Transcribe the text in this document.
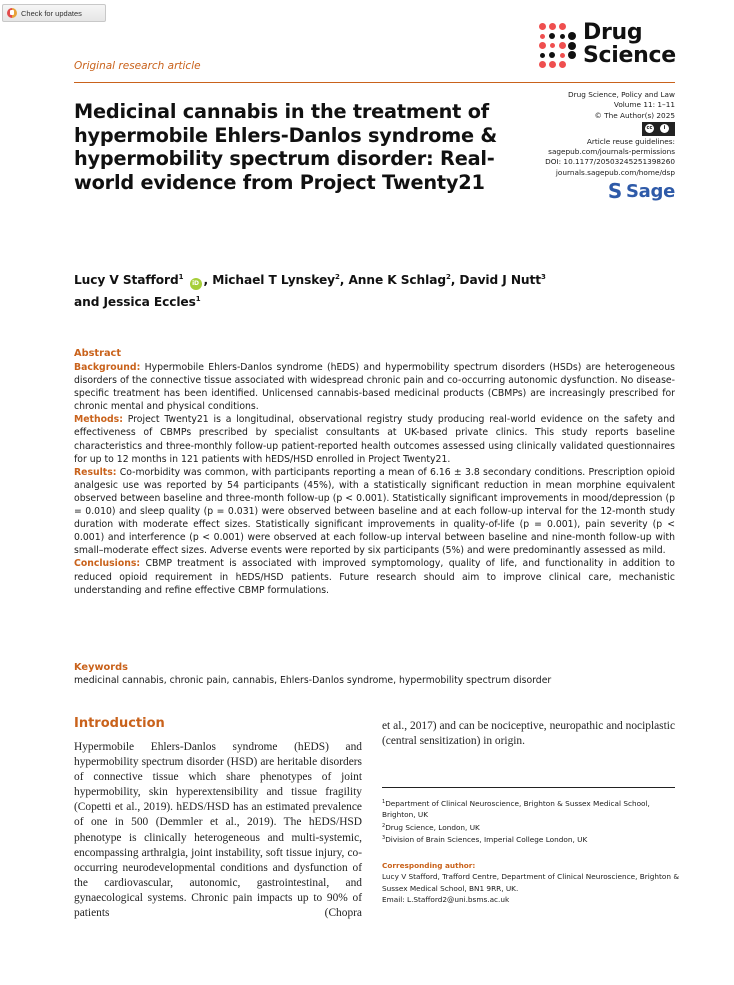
Check for updates
Original research article
Drug
Science
Drug Science, Policy and Law
Volume 11: 1–11
© The Author(s) 2025
cc	i
Article reuse guidelines:
sagepub.com/journals-permissions
DOI: 10.1177/20503245251398260
journals.sagepub.com/home/dsp
S Sage
Medicinal cannabis in the treatment of hypermobile Ehlers-Danlos syndrome & hypermobility spectrum disorder: Real-world evidence from Project Twenty21
Lucy V Stafford$^1$ iD , Michael T Lynskey$^2$, Anne K Schlag$^2$, David J Nutt$^3$
and Jessica Eccles$^1$
Abstract

Background: Hypermobile Ehlers-Danlos syndrome (hEDS) and hypermobility spectrum disorders (HSDs) are heterogeneous disorders of the connective tissue associated with widespread chronic pain and co-occurring autonomic dysfunction. No disease-specific treatment has been identified. Unlicensed cannabis-based medicinal products (CBMPs) are increasingly prescribed for chronic mental and physical conditions.

Methods: Project Twenty21 is a longitudinal, observational registry study producing real-world evidence on the safety and effectiveness of CBMPs prescribed by specialist consultants at UK-based private clinics. This study reports baseline characteristics and three-monthly follow-up patient-reported health outcomes assessed using clinically validated questionnaires for up to 12 months in 121 patients with hEDS/HSD enrolled in Project Twenty21.

Results: Co-morbidity was common, with participants reporting a mean of 6.16 ± 3.8 secondary conditions. Prescription opioid analgesic use was reported by 54 participants (45%), with a statistically significant reduction in mean morphine equivalent observed between baseline and three-month follow-up (p < 0.001). Statistically significant improvements in mood/depression (p = 0.010) and sleep quality (p = 0.031) were observed between baseline and at each follow-up interval for the 12-month study duration with moderate effect sizes. Statistically significant improvements in quality-of-life (p = 0.001), pain severity (p < 0.001) and interference (p < 0.001) were observed at each follow-up interval between baseline and nine-month follow-up with small–moderate effect sizes. Adverse events were reported by six participants (5%) and were predominantly assessed as mild.

Conclusions: CBMP treatment is associated with improved symptomology, quality of life, and functionality in addition to reduced opioid requirement in hEDS/HSD patients. Future research should aim to improve clinical care, mechanistic understanding and refine effective CBMP formulations.

Keywords

medicinal cannabis, chronic pain, cannabis, Ehlers-Danlos syndrome, hypermobility spectrum disorder

Introduction

Hypermobile Ehlers-Danlos syndrome (hEDS) and hypermobility spectrum disorder (HSD) are heritable disorders of connective tissue which share phenotypes of joint hypermobility, skin hyperextensibility and tissue fragility (Copetti et al., 2019). hEDS/HSD has an estimated prevalence of one in 500 (Demmler et al., 2019). The hEDS/HSD phenotype is clinically heterogeneous and multi-systemic, encompassing arthralgia, joint instability, soft tissue injury, co-occurring neurodevelopmental conditions and dysfunction of the cardiovascular, autonomic, gastrointestinal, and gynaecological systems. Chronic pain impacts up to 90% of patients (Chopra

et al., 2017) and can be nociceptive, neuropathic and nociplastic (central sensitization) in origin.

$^1$Department of Clinical Neuroscience, Brighton & Sussex Medical School, Brighton, UK
$^2$Drug Science, London, UK
$^3$Division of Brain Sciences, Imperial College London, UK
Corresponding author:
Lucy V Stafford, Trafford Centre, Department of Clinical Neuroscience, Brighton & Sussex Medical School, BN1 9RR, UK.
Email: L.Stafford2@uni.bsms.ac.uk
